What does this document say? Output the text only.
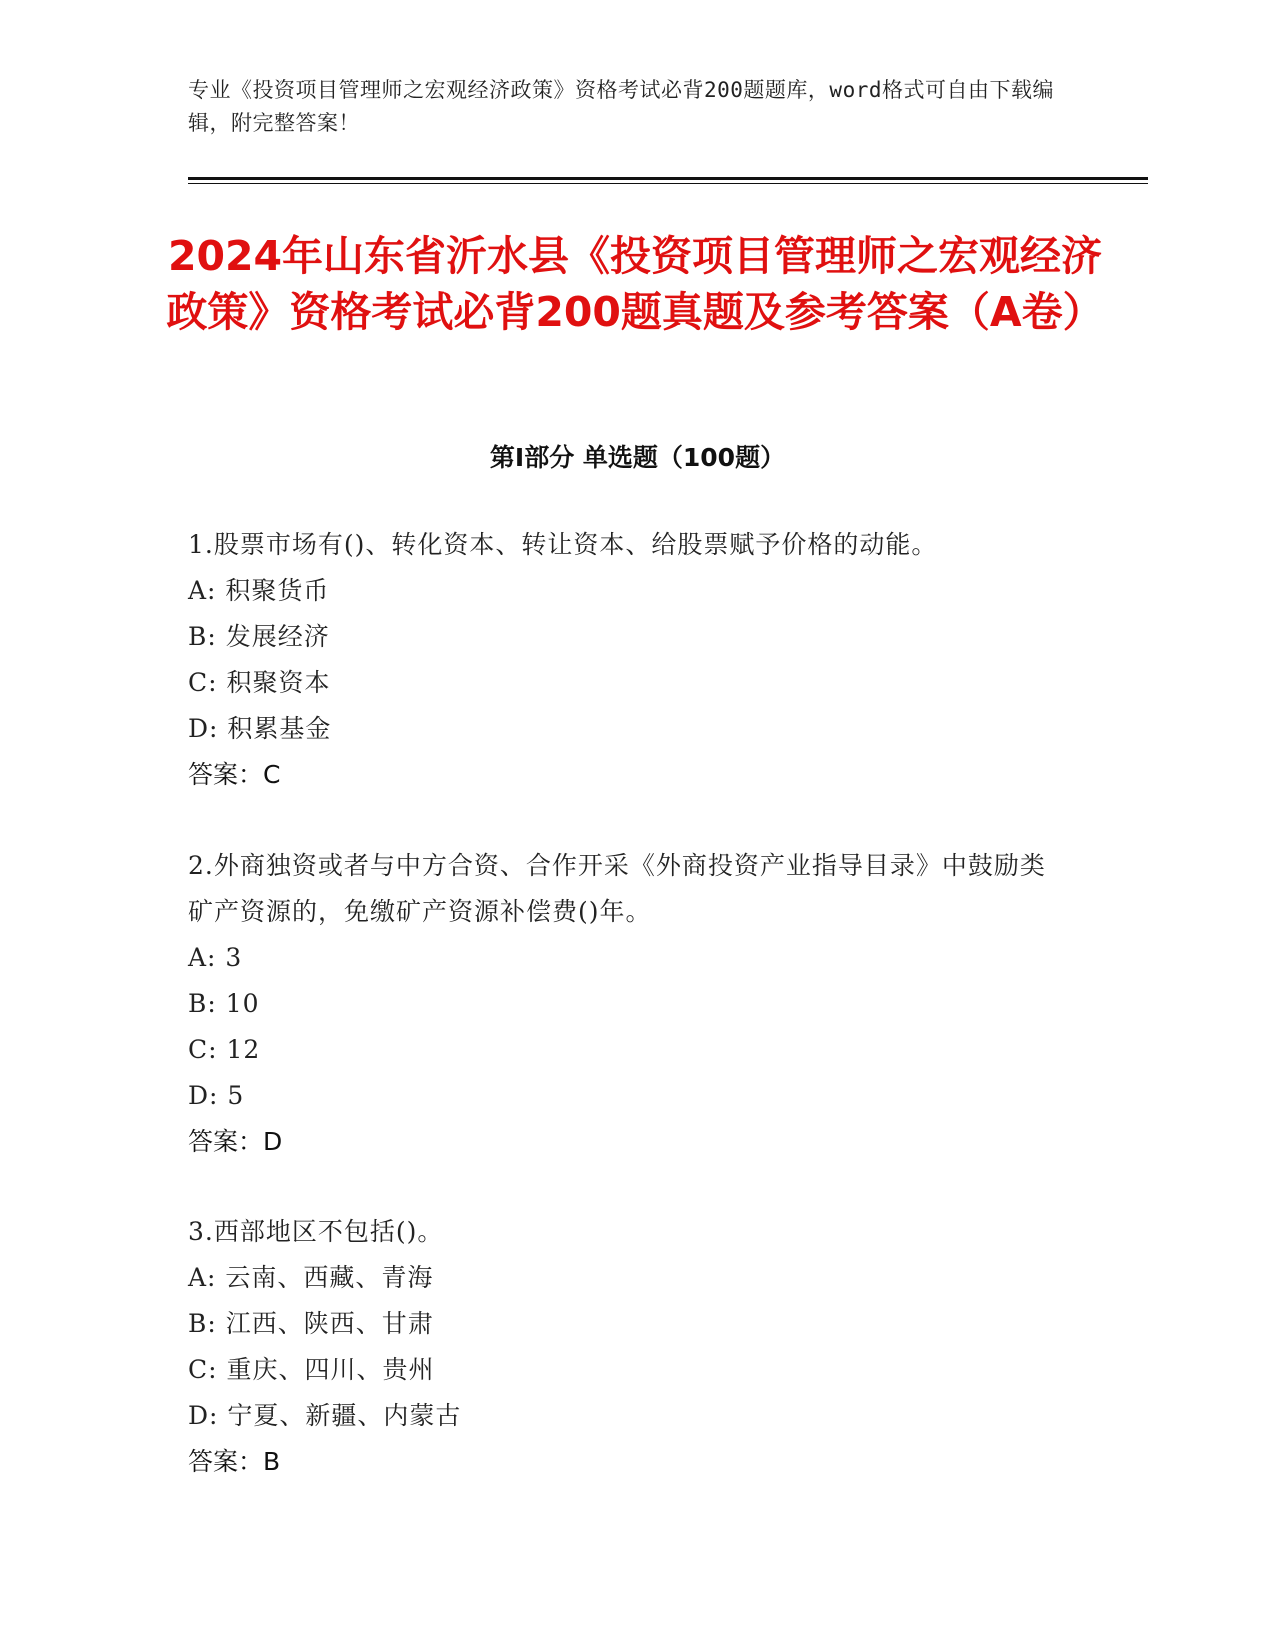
专业《投资项目管理师之宏观经济政策》资格考试必背200题题库，word格式可自由下载编辑，附完整答案！
2024年山东省沂水县《投资项目管理师之宏观经济政策》资格考试必背200题真题及参考答案（A卷）
第Ⅰ部分 单选题（100题）

1.股票市场有()、转化资本、转让资本、给股票赋予价格的动能。

A: 积聚货币

B: 发展经济

C: 积聚资本

D: 积累基金

答案：C

2.外商独资或者与中方合资、合作开采《外商投资产业指导目录》中鼓励类矿产资源的，免缴矿产资源补偿费()年。

A: 3

B: 10

C: 12

D: 5

答案：D

3.西部地区不包括()。

A: 云南、西藏、青海

B: 江西、陕西、甘肃

C: 重庆、四川、贵州

D: 宁夏、新疆、内蒙古

答案：B
